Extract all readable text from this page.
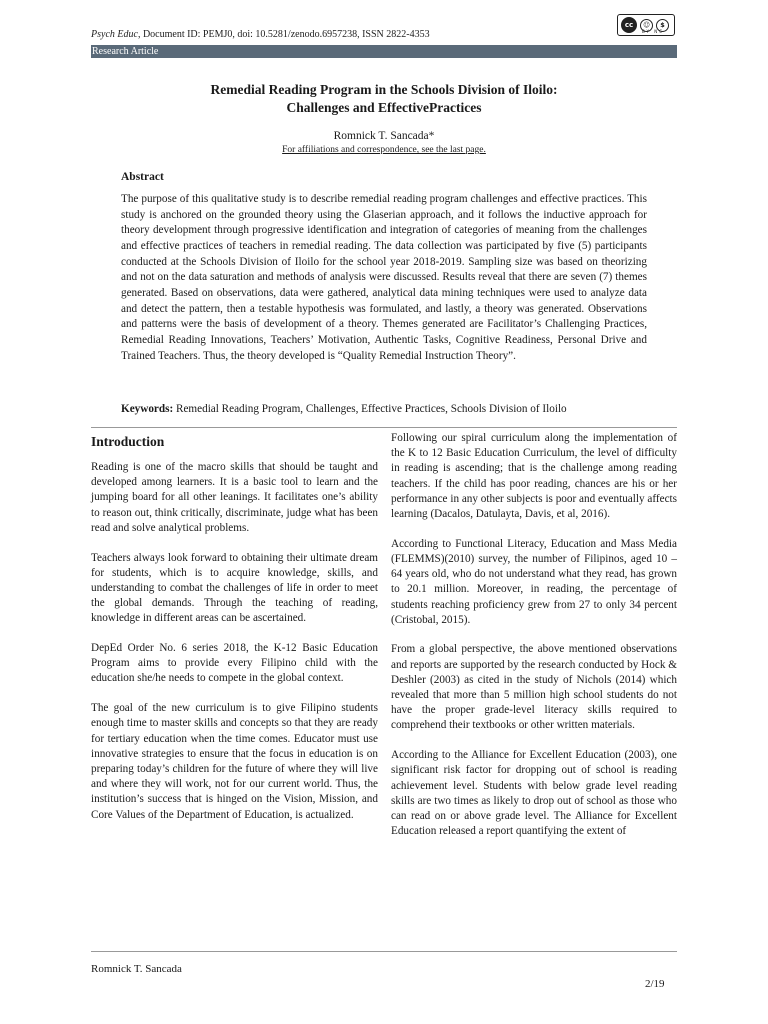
Psych Educ, Document ID: PEMJ0, doi: 10.5281/zenodo.6957238, ISSN 2822-4353
cc	☺	$
BY NC
Research Article
Remedial Reading Program in the Schools Division of Iloilo:
Challenges and EffectivePractices
Romnick T. Sancada*
For affiliations and correspondence, see the last page.
Abstract
The purpose of this qualitative study is to describe remedial reading program challenges and effective practices. This study is anchored on the grounded theory using the Glaserian approach, and it follows the inductive approach for theory development through progressive identification and integration of categories of meaning from the challenges and effective practices of teachers in remedial reading. The data collection was participated by five (5) participants conducted at the Schools Division of Iloilo for the school year 2018-2019. Sampling size was based on theorizing and not on the data saturation and methods of analysis were discussed. Results reveal that there are seven (7) themes generated. Based on observations, data were gathered, analytical data mining techniques were used to analyze data and detect the pattern, then a testable hypothesis was formulated, and lastly, a theory was generated. Observations and patterns were the basis of development of a theory. Themes generated are Facilitator’s Challenging Practices, Remedial Reading Innovations, Teachers’ Motivation, Authentic Tasks, Cognitive Readiness, Personal Drive and Trained Teachers. Thus, the theory developed is “Quality Remedial Instruction Theory”.
Keywords: Remedial Reading Program, Challenges, Effective Practices, Schools Division of Iloilo
Introduction

Reading is one of the macro skills that should be taught and developed among learners. It is a basic tool to learn and the jumping board for all other leanings. It facilitates one’s ability to reason out, think critically, discriminate, judge what has been read and solve analytical problems.

Teachers always look forward to obtaining their ultimate dream for students, which is to acquire knowledge, skills, and understanding to combat the challenges of life in order to meet the global demands. Through the teaching of reading, knowledge in different areas can be ascertained.

DepEd Order No. 6 series 2018, the K-12 Basic Education Program aims to provide every Filipino child with the education she/he needs to compete in the global context.

The goal of the new curriculum is to give Filipino students enough time to master skills and concepts so that they are ready for tertiary education when the time comes. Educator must use innovative strategies to ensure that the focus in education is on preparing today’s children for the future of where they will live and where they will work, not for our current world. Thus, the institution’s success that is hinged on the Vision, Mission, and Core Values of the Department of Education, is actualized.

Following our spiral curriculum along the implementation of the K to 12 Basic Education Curriculum, the level of difficulty in reading is ascending; that is the challenge among reading teachers. If the child has poor reading, chances are his or her performance in any other subjects is poor and eventually affects learning (Dacalos, Datulayta, Davis, et al, 2016).

According to Functional Literacy, Education and Mass Media (FLEMMS)(2010) survey, the number of Filipinos, aged 10 – 64 years old, who do not understand what they read, has grown to 20.1 million. Moreover, in reading, the percentage of students reaching proficiency grew from 27 to only 34 percent (Cristobal, 2015).

From a global perspective, the above mentioned observations and reports are supported by the research conducted by Hock & Deshler (2003) as cited in the study of Nichols (2014) which revealed that more than 5 million high school students do not have the proper grade-level literacy skills required to comprehend their textbooks or other written materials.

According to the Alliance for Excellent Education (2003), one significant risk factor for dropping out of school is reading achievement level. Students with below grade level reading skills are two times as likely to drop out of school as those who can read on or above grade level. The Alliance for Excellent Education released a report quantifying the extent of

Romnick T. Sancada
2/19
